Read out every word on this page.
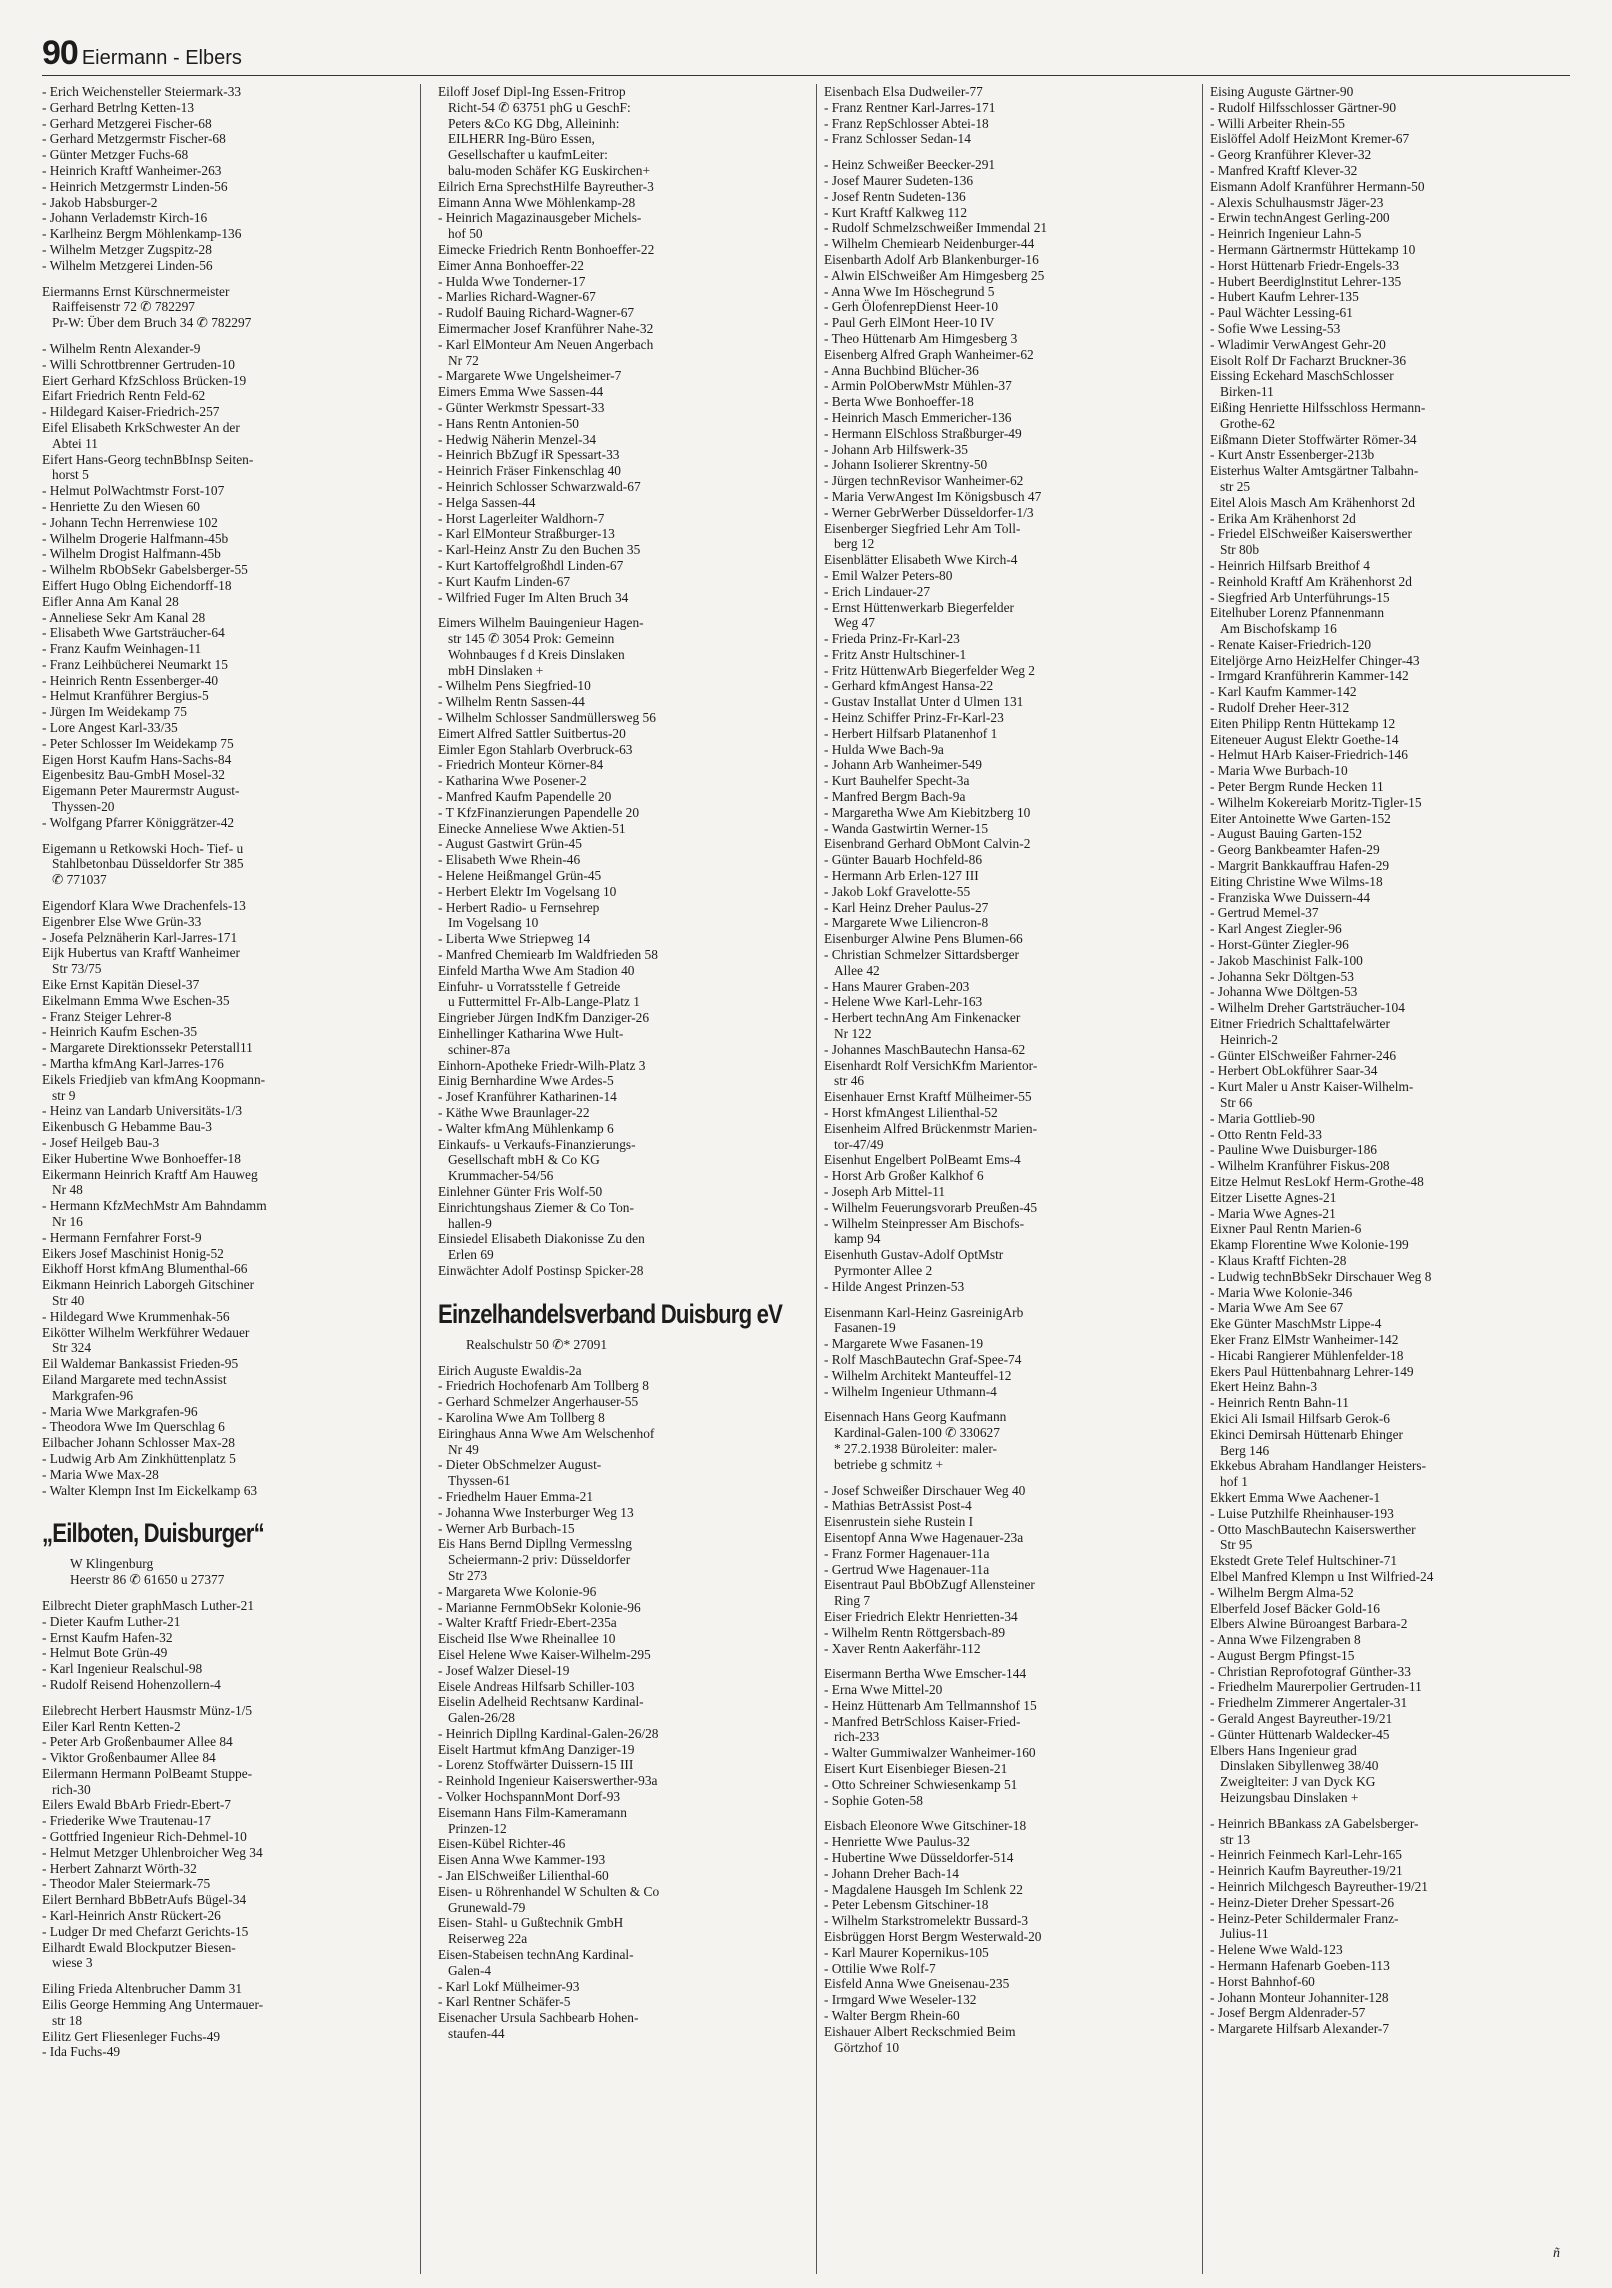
90 Eiermann - Elbers

- Erich Weichensteller Steiermark-33

- Gerhard Betrlng Ketten-13

- Gerhard Metzgerei Fischer-68

- Gerhard Metzgermstr Fischer-68

- Günter Metzger Fuchs-68

- Heinrich Kraftf Wanheimer-263

- Heinrich Metzgermstr Linden-56

- Jakob Habsburger-2

- Johann Verlademstr Kirch-16

- Karlheinz Bergm Möhlenkamp-136

- Wilhelm Metzger Zugspitz-28

- Wilhelm Metzgerei Linden-56

Eiermanns Ernst Kürschnermeister

Raiffeisenstr 72 ✆ 782297

Pr-W: Über dem Bruch 34 ✆ 782297

- Wilhelm Rentn Alexander-9

- Willi Schrottbrenner Gertruden-10

Eiert Gerhard KfzSchloss Brücken-19

Eifart Friedrich Rentn Feld-62

- Hildegard Kaiser-Friedrich-257

Eifel Elisabeth KrkSchwester An der

Abtei 11

Eifert Hans-Georg technBbInsp Seiten-

horst 5

- Helmut PolWachtmstr Forst-107

- Henriette Zu den Wiesen 60

- Johann Techn Herrenwiese 102

- Wilhelm Drogerie Halfmann-45b

- Wilhelm Drogist Halfmann-45b

- Wilhelm RbObSekr Gabelsberger-55

Eiffert Hugo Oblng Eichendorff-18

Eifler Anna Am Kanal 28

- Anneliese Sekr Am Kanal 28

- Elisabeth Wwe Gartsträucher-64

- Franz Kaufm Weinhagen-11

- Franz Leihbücherei Neumarkt 15

- Heinrich Rentn Essenberger-40

- Helmut Kranführer Bergius-5

- Jürgen Im Weidekamp 75

- Lore Angest Karl-33/35

- Peter Schlosser Im Weidekamp 75

Eigen Horst Kaufm Hans-Sachs-84

Eigenbesitz Bau-GmbH Mosel-32

Eigemann Peter Maurermstr August-

Thyssen-20

- Wolfgang Pfarrer Königgrätzer-42

Eigemann u Retkowski Hoch- Tief- u

Stahlbetonbau Düsseldorfer Str 385

✆ 771037

Eigendorf Klara Wwe Drachenfels-13

Eigenbrer Else Wwe Grün-33

- Josefa Pelznäherin Karl-Jarres-171

Eijk Hubertus van Kraftf Wanheimer

Str 73/75

Eike Ernst Kapitän Diesel-37

Eikelmann Emma Wwe Eschen-35

- Franz Steiger Lehrer-8

- Heinrich Kaufm Eschen-35

- Margarete Direktionssekr Peterstall11

- Martha kfmAng Karl-Jarres-176

Eikels Friedjieb van kfmAng Koopmann-

str 9

- Heinz van Landarb Universitäts-1/3

Eikenbusch G Hebamme Bau-3

- Josef Heilgeb Bau-3

Eiker Hubertine Wwe Bonhoeffer-18

Eikermann Heinrich Kraftf Am Hauweg

Nr 48

- Hermann KfzMechMstr Am Bahndamm

Nr 16

- Hermann Fernfahrer Forst-9

Eikers Josef Maschinist Honig-52

Eikhoff Horst kfmAng Blumenthal-66

Eikmann Heinrich Laborgeh Gitschiner

Str 40

- Hildegard Wwe Krummenhak-56

Eikötter Wilhelm Werkführer Wedauer

Str 324

Eil Waldemar Bankassist Frieden-95

Eiland Margarete med technAssist

Markgrafen-96

- Maria Wwe Markgrafen-96

- Theodora Wwe Im Querschlag 6

Eilbacher Johann Schlosser Max-28

- Ludwig Arb Am Zinkhüttenplatz 5

- Maria Wwe Max-28

- Walter Klempn Inst Im Eickelkamp 63

„Eilboten, Duisburger“

W Klingenburg

Heerstr 86 ✆ 61650 u 27377

Eilbrecht Dieter graphMasch Luther-21

- Dieter Kaufm Luther-21

- Ernst Kaufm Hafen-32

- Helmut Bote Grün-49

- Karl Ingenieur Realschul-98

- Rudolf Reisend Hohenzollern-4

Eilebrecht Herbert Hausmstr Münz-1/5

Eiler Karl Rentn Ketten-2

- Peter Arb Großenbaumer Allee 84

- Viktor Großenbaumer Allee 84

Eilermann Hermann PolBeamt Stuppe-

rich-30

Eilers Ewald BbArb Friedr-Ebert-7

- Friederike Wwe Trautenau-17

- Gottfried Ingenieur Rich-Dehmel-10

- Helmut Metzger Uhlenbroicher Weg 34

- Herbert Zahnarzt Wörth-32

- Theodor Maler Steiermark-75

Eilert Bernhard BbBetrAufs Bügel-34

- Karl-Heinrich Anstr Rückert-26

- Ludger Dr med Chefarzt Gerichts-15

Eilhardt Ewald Blockputzer Biesen-

wiese 3

Eiling Frieda Altenbrucher Damm 31

Eilis George Hemming Ang Untermauer-

str 18

Eilitz Gert Fliesenleger Fuchs-49

- Ida Fuchs-49

Eiloff Josef Dipl-Ing Essen-Fritrop

Richt-54 ✆ 63751 phG u GeschF:

Peters &Co KG Dbg, Alleininh:

EILHERR Ing-Büro Essen,

Gesellschafter u kaufmLeiter:

balu-moden Schäfer KG Euskirchen+

Eilrich Erna SprechstHilfe Bayreuther-3

Eimann Anna Wwe Möhlenkamp-28

- Heinrich Magazinausgeber Michels-

hof 50

Eimecke Friedrich Rentn Bonhoeffer-22

Eimer Anna Bonhoeffer-22

- Hulda Wwe Tonderner-17

- Marlies Richard-Wagner-67

- Rudolf Bauing Richard-Wagner-67

Eimermacher Josef Kranführer Nahe-32

- Karl ElMonteur Am Neuen Angerbach

Nr 72

- Margarete Wwe Ungelsheimer-7

Eimers Emma Wwe Sassen-44

- Günter Werkmstr Spessart-33

- Hans Rentn Antonien-50

- Hedwig Näherin Menzel-34

- Heinrich BbZugf iR Spessart-33

- Heinrich Fräser Finkenschlag 40

- Heinrich Schlosser Schwarzwald-67

- Helga Sassen-44

- Horst Lagerleiter Waldhorn-7

- Karl ElMonteur Straßburger-13

- Karl-Heinz Anstr Zu den Buchen 35

- Kurt Kartoffelgroßhdl Linden-67

- Kurt Kaufm Linden-67

- Wilfried Fuger Im Alten Bruch 34

Eimers Wilhelm Bauingenieur Hagen-

str 145 ✆ 3054 Prok: Gemeinn

Wohnbauges f d Kreis Dinslaken

mbH Dinslaken +

- Wilhelm Pens Siegfried-10

- Wilhelm Rentn Sassen-44

- Wilhelm Schlosser Sandmüllersweg 56

Eimert Alfred Sattler Suitbertus-20

Eimler Egon Stahlarb Overbruck-63

- Friedrich Monteur Körner-84

- Katharina Wwe Posener-2

- Manfred Kaufm Papendelle 20

- T KfzFinanzierungen Papendelle 20

Einecke Anneliese Wwe Aktien-51

- August Gastwirt Grün-45

- Elisabeth Wwe Rhein-46

- Helene Heißmangel Grün-45

- Herbert Elektr Im Vogelsang 10

- Herbert Radio- u Fernsehrep

Im Vogelsang 10

- Liberta Wwe Striepweg 14

- Manfred Chemiearb Im Waldfrieden 58

Einfeld Martha Wwe Am Stadion 40

Einfuhr- u Vorratsstelle f Getreide

u Futtermittel Fr-Alb-Lange-Platz 1

Eingrieber Jürgen IndKfm Danziger-26

Einhellinger Katharina Wwe Hult-

schiner-87a

Einhorn-Apotheke Friedr-Wilh-Platz 3

Einig Bernhardine Wwe Ardes-5

- Josef Kranführer Katharinen-14

- Käthe Wwe Braunlager-22

- Walter kfmAng Mühlenkamp 6

Einkaufs- u Verkaufs-Finanzierungs-

Gesellschaft mbH & Co KG

Krummacher-54/56

Einlehner Günter Fris Wolf-50

Einrichtungshaus Ziemer & Co Ton-

hallen-9

Einsiedel Elisabeth Diakonisse Zu den

Erlen 69

Einwächter Adolf Postinsp Spicker-28

Einzelhandelsverband Duisburg eV

Realschulstr 50 ✆* 27091

Eirich Auguste Ewaldis-2a

- Friedrich Hochofenarb Am Tollberg 8

- Gerhard Schmelzer Angerhauser-55

- Karolina Wwe Am Tollberg 8

Eiringhaus Anna Wwe Am Welschenhof

Nr 49

- Dieter ObSchmelzer August-

Thyssen-61

- Friedhelm Hauer Emma-21

- Johanna Wwe Insterburger Weg 13

- Werner Arb Burbach-15

Eis Hans Bernd Dipllng Vermesslng

Scheiermann-2 priv: Düsseldorfer

Str 273

- Margareta Wwe Kolonie-96

- Marianne FernmObSekr Kolonie-96

- Walter Kraftf Friedr-Ebert-235a

Eischeid Ilse Wwe Rheinallee 10

Eisel Helene Wwe Kaiser-Wilhelm-295

- Josef Walzer Diesel-19

Eisele Andreas Hilfsarb Schiller-103

Eiselin Adelheid Rechtsanw Kardinal-

Galen-26/28

- Heinrich Dipllng Kardinal-Galen-26/28

Eiselt Hartmut kfmAng Danziger-19

- Lorenz Stoffwärter Duissern-15 III

- Reinhold Ingenieur Kaiserswerther-93a

- Volker HochspannMont Dorf-93

Eisemann Hans Film-Kameramann

Prinzen-12

Eisen-Kübel Richter-46

Eisen Anna Wwe Kammer-193

- Jan ElSchweißer Lilienthal-60

Eisen- u Röhrenhandel W Schulten & Co

Grunewald-79

Eisen- Stahl- u Gußtechnik GmbH

Reiserweg 22a

Eisen-Stabeisen technAng Kardinal-

Galen-4

- Karl Lokf Mülheimer-93

- Karl Rentner Schäfer-5

Eisenacher Ursula Sachbearb Hohen-

staufen-44

Eisenbach Elsa Dudweiler-77

- Franz Rentner Karl-Jarres-171

- Franz RepSchlosser Abtei-18

- Franz Schlosser Sedan-14

- Heinz Schweißer Beecker-291

- Josef Maurer Sudeten-136

- Josef Rentn Sudeten-136

- Kurt Kraftf Kalkweg 112

- Rudolf Schmelzschweißer Immendal 21

- Wilhelm Chemiearb Neidenburger-44

Eisenbarth Adolf Arb Blankenburger-16

- Alwin ElSchweißer Am Himgesberg 25

- Anna Wwe Im Höschegrund 5

- Gerh ÖlofenrepDienst Heer-10

- Paul Gerh ElMont Heer-10 IV

- Theo Hüttenarb Am Himgesberg 3

Eisenberg Alfred Graph Wanheimer-62

- Anna Buchbind Blücher-36

- Armin PolOberwMstr Mühlen-37

- Berta Wwe Bonhoeffer-18

- Heinrich Masch Emmericher-136

- Hermann ElSchloss Straßburger-49

- Johann Arb Hilfswerk-35

- Johann Isolierer Skrentny-50

- Jürgen technRevisor Wanheimer-62

- Maria VerwAngest Im Königsbusch 47

- Werner GebrWerber Düsseldorfer-1/3

Eisenberger Siegfried Lehr Am Toll-

berg 12

Eisenblätter Elisabeth Wwe Kirch-4

- Emil Walzer Peters-80

- Erich Lindauer-27

- Ernst Hüttenwerkarb Biegerfelder

Weg 47

- Frieda Prinz-Fr-Karl-23

- Fritz Anstr Hultschiner-1

- Fritz HüttenwArb Biegerfelder Weg 2

- Gerhard kfmAngest Hansa-22

- Gustav Installat Unter d Ulmen 131

- Heinz Schiffer Prinz-Fr-Karl-23

- Herbert Hilfsarb Platanenhof 1

- Hulda Wwe Bach-9a

- Johann Arb Wanheimer-549

- Kurt Bauhelfer Specht-3a

- Manfred Bergm Bach-9a

- Margaretha Wwe Am Kiebitzberg 10

- Wanda Gastwirtin Werner-15

Eisenbrand Gerhard ObMont Calvin-2

- Günter Bauarb Hochfeld-86

- Hermann Arb Erlen-127 III

- Jakob Lokf Gravelotte-55

- Karl Heinz Dreher Paulus-27

- Margarete Wwe Liliencron-8

Eisenburger Alwine Pens Blumen-66

- Christian Schmelzer Sittardsberger

Allee 42

- Hans Maurer Graben-203

- Helene Wwe Karl-Lehr-163

- Herbert technAng Am Finkenacker

Nr 122

- Johannes MaschBautechn Hansa-62

Eisenhardt Rolf VersichKfm Marientor-

str 46

Eisenhauer Ernst Kraftf Mülheimer-55

- Horst kfmAngest Lilienthal-52

Eisenheim Alfred Brückenmstr Marien-

tor-47/49

Eisenhut Engelbert PolBeamt Ems-4

- Horst Arb Großer Kalkhof 6

- Joseph Arb Mittel-11

- Wilhelm Feuerungsvorarb Preußen-45

- Wilhelm Steinpresser Am Bischofs-

kamp 94

Eisenhuth Gustav-Adolf OptMstr

Pyrmonter Allee 2

- Hilde Angest Prinzen-53

Eisenmann Karl-Heinz GasreinigArb

Fasanen-19

- Margarete Wwe Fasanen-19

- Rolf MaschBautechn Graf-Spee-74

- Wilhelm Architekt Manteuffel-12

- Wilhelm Ingenieur Uthmann-4

Eisennach Hans Georg Kaufmann

Kardinal-Galen-100 ✆ 330627

* 27.2.1938 Büroleiter: maler-

betriebe g schmitz +

- Josef Schweißer Dirschauer Weg 40

- Mathias BetrAssist Post-4

Eisenrustein siehe Rustein I

Eisentopf Anna Wwe Hagenauer-23a

- Franz Former Hagenauer-11a

- Gertrud Wwe Hagenauer-11a

Eisentraut Paul BbObZugf Allensteiner

Ring 7

Eiser Friedrich Elektr Henrietten-34

- Wilhelm Rentn Röttgersbach-89

- Xaver Rentn Aakerfähr-112

Eisermann Bertha Wwe Emscher-144

- Erna Wwe Mittel-20

- Heinz Hüttenarb Am Tellmannshof 15

- Manfred BetrSchloss Kaiser-Fried-

rich-233

- Walter Gummiwalzer Wanheimer-160

Eisert Kurt Eisenbieger Biesen-21

- Otto Schreiner Schwiesenkamp 51

- Sophie Goten-58

Eisbach Eleonore Wwe Gitschiner-18

- Henriette Wwe Paulus-32

- Hubertine Wwe Düsseldorfer-514

- Johann Dreher Bach-14

- Magdalene Hausgeh Im Schlenk 22

- Peter Lebensm Gitschiner-18

- Wilhelm Starkstromelektr Bussard-3

Eisbrüggen Horst Bergm Westerwald-20

- Karl Maurer Kopernikus-105

- Ottilie Wwe Rolf-7

Eisfeld Anna Wwe Gneisenau-235

- Irmgard Wwe Weseler-132

- Walter Bergm Rhein-60

Eishauer Albert Reckschmied Beim

Görtzhof 10

Eising Auguste Gärtner-90

- Rudolf Hilfsschlosser Gärtner-90

- Willi Arbeiter Rhein-55

Eislöffel Adolf HeizMont Kremer-67

- Georg Kranführer Klever-32

- Manfred Kraftf Klever-32

Eismann Adolf Kranführer Hermann-50

- Alexis Schulhausmstr Jäger-23

- Erwin technAngest Gerling-200

- Heinrich Ingenieur Lahn-5

- Hermann Gärtnermstr Hüttekamp 10

- Horst Hüttenarb Friedr-Engels-33

- Hubert Beerdiglnstitut Lehrer-135

- Hubert Kaufm Lehrer-135

- Paul Wächter Lessing-61

- Sofie Wwe Lessing-53

- Wladimir VerwAngest Gehr-20

Eisolt Rolf Dr Facharzt Bruckner-36

Eissing Eckehard MaschSchlosser

Birken-11

Eißing Henriette Hilfsschloss Hermann-

Grothe-62

Eißmann Dieter Stoffwärter Römer-34

- Kurt Anstr Essenberger-213b

Eisterhus Walter Amtsgärtner Talbahn-

str 25

Eitel Alois Masch Am Krähenhorst 2d

- Erika Am Krähenhorst 2d

- Friedel ElSchweißer Kaiserswerther

Str 80b

- Heinrich Hilfsarb Breithof 4

- Reinhold Kraftf Am Krähenhorst 2d

- Siegfried Arb Unterführungs-15

Eitelhuber Lorenz Pfannenmann

Am Bischofskamp 16

- Renate Kaiser-Friedrich-120

Eiteljörge Arno HeizHelfer Chinger-43

- Irmgard Kranführerin Kammer-142

- Karl Kaufm Kammer-142

- Rudolf Dreher Heer-312

Eiten Philipp Rentn Hüttekamp 12

Eiteneuer August Elektr Goethe-14

- Helmut HArb Kaiser-Friedrich-146

- Maria Wwe Burbach-10

- Peter Bergm Runde Hecken 11

- Wilhelm Kokereiarb Moritz-Tigler-15

Eiter Antoinette Wwe Garten-152

- August Bauing Garten-152

- Georg Bankbeamter Hafen-29

- Margrit Bankkauffrau Hafen-29

Eiting Christine Wwe Wilms-18

- Franziska Wwe Duissern-44

- Gertrud Memel-37

- Karl Angest Ziegler-96

- Horst-Günter Ziegler-96

- Jakob Maschinist Falk-100

- Johanna Sekr Döltgen-53

- Johanna Wwe Döltgen-53

- Wilhelm Dreher Gartsträucher-104

Eitner Friedrich Schalttafelwärter

Heinrich-2

- Günter ElSchweißer Fahrner-246

- Herbert ObLokführer Saar-34

- Kurt Maler u Anstr Kaiser-Wilhelm-

Str 66

- Maria Gottlieb-90

- Otto Rentn Feld-33

- Pauline Wwe Duisburger-186

- Wilhelm Kranführer Fiskus-208

Eitze Helmut ResLokf Herm-Grothe-48

Eitzer Lisette Agnes-21

- Maria Wwe Agnes-21

Eixner Paul Rentn Marien-6

Ekamp Florentine Wwe Kolonie-199

- Klaus Kraftf Fichten-28

- Ludwig technBbSekr Dirschauer Weg 8

- Maria Wwe Kolonie-346

- Maria Wwe Am See 67

Eke Günter MaschMstr Lippe-4

Eker Franz ElMstr Wanheimer-142

- Hicabi Rangierer Mühlenfelder-18

Ekers Paul Hüttenbahnarg Lehrer-149

Ekert Heinz Bahn-3

- Heinrich Rentn Bahn-11

Ekici Ali Ismail Hilfsarb Gerok-6

Ekinci Demirsah Hüttenarb Ehinger

Berg 146

Ekkebus Abraham Handlanger Heisters-

hof 1

Ekkert Emma Wwe Aachener-1

- Luise Putzhilfe Rheinhauser-193

- Otto MaschBautechn Kaiserswerther

Str 95

Ekstedt Grete Telef Hultschiner-71

Elbel Manfred Klempn u Inst Wilfried-24

- Wilhelm Bergm Alma-52

Elberfeld Josef Bäcker Gold-16

Elbers Alwine Büroangest Barbara-2

- Anna Wwe Filzengraben 8

- August Bergm Pfingst-15

- Christian Reprofotograf Günther-33

- Friedhelm Maurerpolier Gertruden-11

- Friedhelm Zimmerer Angertaler-31

- Gerald Angest Bayreuther-19/21

- Günter Hüttenarb Waldecker-45

Elbers Hans Ingenieur grad

Dinslaken Sibyllenweg 38/40

Zweiglteiter: J van Dyck KG

Heizungsbau Dinslaken +

- Heinrich BBankass zA Gabelsberger-

str 13

- Heinrich Feinmech Karl-Lehr-165

- Heinrich Kaufm Bayreuther-19/21

- Heinrich Milchgesch Bayreuther-19/21

- Heinz-Dieter Dreher Spessart-26

- Heinz-Peter Schildermaler Franz-

Julius-11

- Helene Wwe Wald-123

- Hermann Hafenarb Goeben-113

- Horst Bahnhof-60

- Johann Monteur Johanniter-128

- Josef Bergm Aldenrader-57

- Margarete Hilfsarb Alexander-7

ñ
